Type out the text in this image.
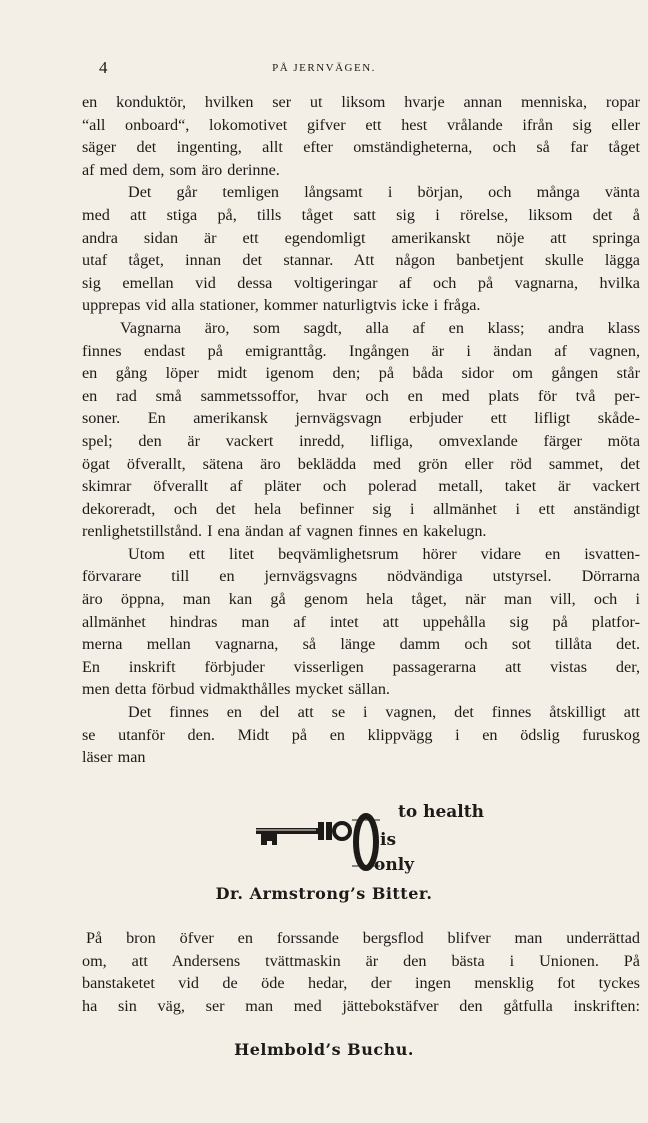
4	PÅ JERNVÄGEN.
en konduktör, hvilken ser ut liksom hvarje annan menniska, ropar
“all onboard“, lokomotivet gifver ett hest vrålande ifrån sig eller
säger det ingenting, allt efter omständigheterna, och så far tåget
af med dem, som äro derinne.
Det går temligen långsamt i början, och många vänta
med att stiga på, tills tåget satt sig i rörelse, liksom det å
andra sidan är ett egendomligt amerikanskt nöje att springa
utaf tåget, innan det stannar. Att någon banbetjent skulle lägga
sig emellan vid dessa voltigeringar af och på vagnarna, hvilka
upprepas vid alla stationer, kommer naturligtvis icke i fråga.
Vagnarna äro, som sagdt, alla af en klass; andra klass
finnes endast på emigranttåg. Ingången är i ändan af vagnen,
en gång löper midt igenom den; på båda sidor om gången står
en rad små sammetssoffor, hvar och en med plats för två per-
soner. En amerikansk jernvägsvagn erbjuder ett lifligt skåde-
spel; den är vackert inredd, lifliga, omvexlande färger möta
ögat öfverallt, sätena äro beklädda med grön eller röd sammet, det
skimrar öfverallt af pläter och polerad metall, taket är vackert
dekoreradt, och det hela befinner sig i allmänhet i ett anständigt
renlighetstillstånd. I ena ändan af vagnen finnes en kakelugn.
Utom ett litet beqvämlighetsrum hörer vidare en isvatten-
förvarare till en jernvägsvagns nödvändiga utstyrsel. Dörrarna
äro öppna, man kan gå genom hela tåget, när man vill, och i
allmänhet hindras man af intet att uppehålla sig på platfor-
merna mellan vagnarna, så länge damm och sot tillåta det.
En inskrift förbjuder visserligen passagerarna att vistas der,
men detta förbud vidmakthålles mycket sällan.
Det finnes en del att se i vagnen, det finnes åtskilligt att
se utanför den. Midt på en klippvägg i en ödslig furuskog
läser man
to health
is
only
Dr. Armstrong’s Bitter.
På bron öfver en forssande bergsflod blifver man underrättad
om, att Andersens tvättmaskin är den bästa i Unionen. På
banstaketet vid de öde hedar, der ingen mensklig fot tyckes
ha sin väg, ser man med jättebokstäfver den gåtfulla inskriften:
Helmbold’s Buchu.
